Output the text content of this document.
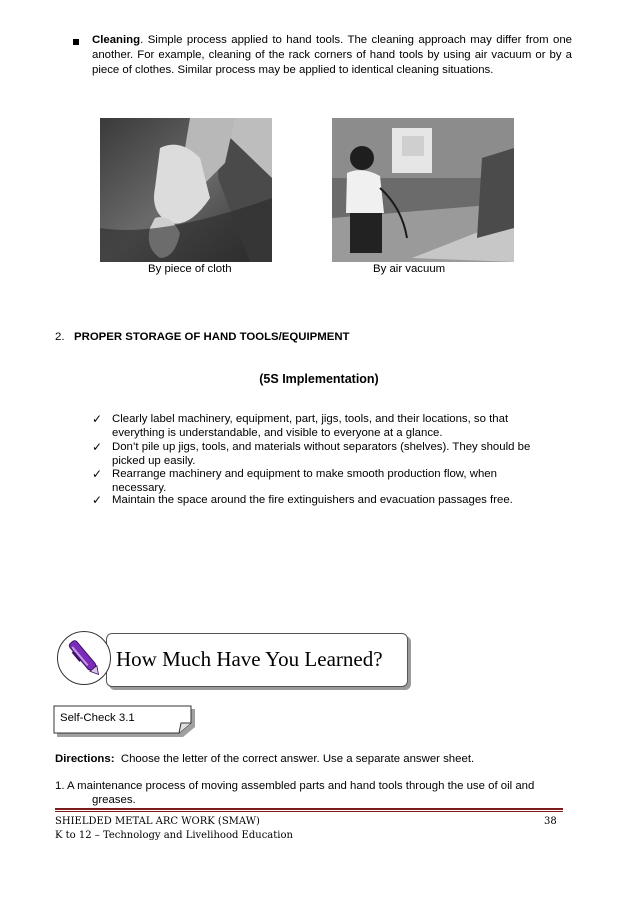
Cleaning. Simple process applied to hand tools. The cleaning approach may differ from one another. For example, cleaning of the rack corners of hand tools by using air vacuum or by a piece of clothes. Similar process may be applied to identical cleaning situations.
By piece of cloth	By air vacuum
2. PROPER STORAGE OF HAND TOOLS/EQUIPMENT
(5S Implementation)
✓ Clearly label machinery, equipment, part, jigs, tools, and their locations, so that everything is understandable, and visible to everyone at a glance.
✓ Don’t pile up jigs, tools, and materials without separators (shelves). They should be picked up easily.
✓ Rearrange machinery and equipment to make smooth production flow, when necessary.
✓ Maintain the space around the fire extinguishers and evacuation passages free.
How Much Have You Learned?
Self-Check 3.1
Directions: Choose the letter of the correct answer. Use a separate answer sheet.
1. A maintenance process of moving assembled parts and hand tools through the use of oil and
greases.
SHIELDED METAL ARC WORK (SMAW)
K to 12 – Technology and Livelihood Education
38
